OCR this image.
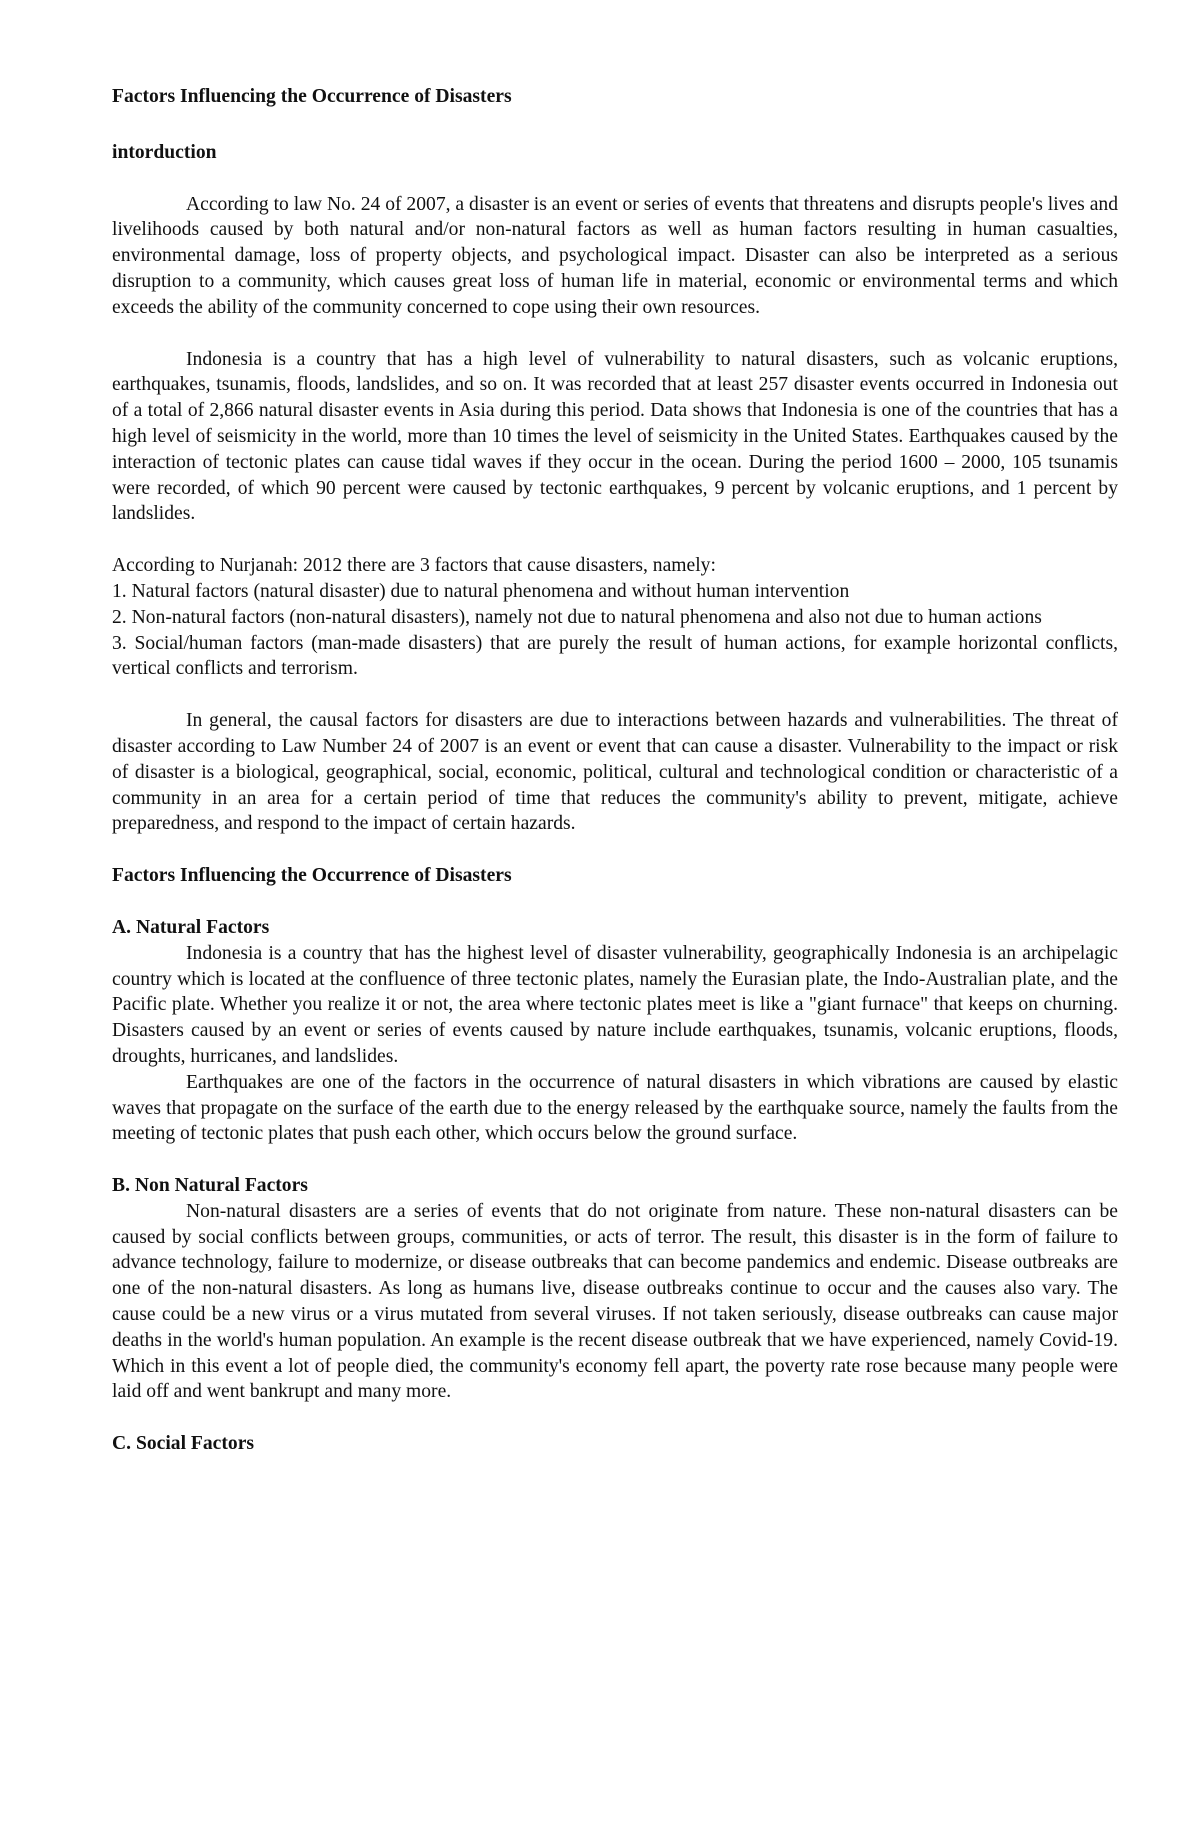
Factors Influencing the Occurrence of Disasters
intorduction

According to law No. 24 of 2007, a disaster is an event or series of events that threatens and disrupts people's lives and livelihoods caused by both natural and/or non-natural factors as well as human factors resulting in human casualties, environmental damage, loss of property objects, and psychological impact. Disaster can also be interpreted as a serious disruption to a community, which causes great loss of human life in material, economic or environmental terms and which exceeds the ability of the community concerned to cope using their own resources.

Indonesia is a country that has a high level of vulnerability to natural disasters, such as volcanic eruptions, earthquakes, tsunamis, floods, landslides, and so on. It was recorded that at least 257 disaster events occurred in Indonesia out of a total of 2,866 natural disaster events in Asia during this period. Data shows that Indonesia is one of the countries that has a high level of seismicity in the world, more than 10 times the level of seismicity in the United States. Earthquakes caused by the interaction of tectonic plates can cause tidal waves if they occur in the ocean. During the period 1600 – 2000, 105 tsunamis were recorded, of which 90 percent were caused by tectonic earthquakes, 9 percent by volcanic eruptions, and 1 percent by landslides.

According to Nurjanah: 2012 there are 3 factors that cause disasters, namely:

1. Natural factors (natural disaster) due to natural phenomena and without human intervention

2. Non-natural factors (non-natural disasters), namely not due to natural phenomena and also not due to human actions

3. Social/human factors (man-made disasters) that are purely the result of human actions, for example horizontal conflicts, vertical conflicts and terrorism.

In general, the causal factors for disasters are due to interactions between hazards and vulnerabilities. The threat of disaster according to Law Number 24 of 2007 is an event or event that can cause a disaster. Vulnerability to the impact or risk of disaster is a biological, geographical, social, economic, political, cultural and technological condition or characteristic of a community in an area for a certain period of time that reduces the community's ability to prevent, mitigate, achieve preparedness, and respond to the impact of certain hazards.

Factors Influencing the Occurrence of Disasters
A. Natural Factors

Indonesia is a country that has the highest level of disaster vulnerability, geographically Indonesia is an archipelagic country which is located at the confluence of three tectonic plates, namely the Eurasian plate, the Indo-Australian plate, and the Pacific plate. Whether you realize it or not, the area where tectonic plates meet is like a "giant furnace" that keeps on churning. Disasters caused by an event or series of events caused by nature include earthquakes, tsunamis, volcanic eruptions, floods, droughts, hurricanes, and landslides.

Earthquakes are one of the factors in the occurrence of natural disasters in which vibrations are caused by elastic waves that propagate on the surface of the earth due to the energy released by the earthquake source, namely the faults from the meeting of tectonic plates that push each other, which occurs below the ground surface.

B. Non Natural Factors

Non-natural disasters are a series of events that do not originate from nature. These non-natural disasters can be caused by social conflicts between groups, communities, or acts of terror. The result, this disaster is in the form of failure to advance technology, failure to modernize, or disease outbreaks that can become pandemics and endemic. Disease outbreaks are one of the non-natural disasters. As long as humans live, disease outbreaks continue to occur and the causes also vary. The cause could be a new virus or a virus mutated from several viruses. If not taken seriously, disease outbreaks can cause major deaths in the world's human population. An example is the recent disease outbreak that we have experienced, namely Covid-19. Which in this event a lot of people died, the community's economy fell apart, the poverty rate rose because many people were laid off and went bankrupt and many more.

C. Social Factors
